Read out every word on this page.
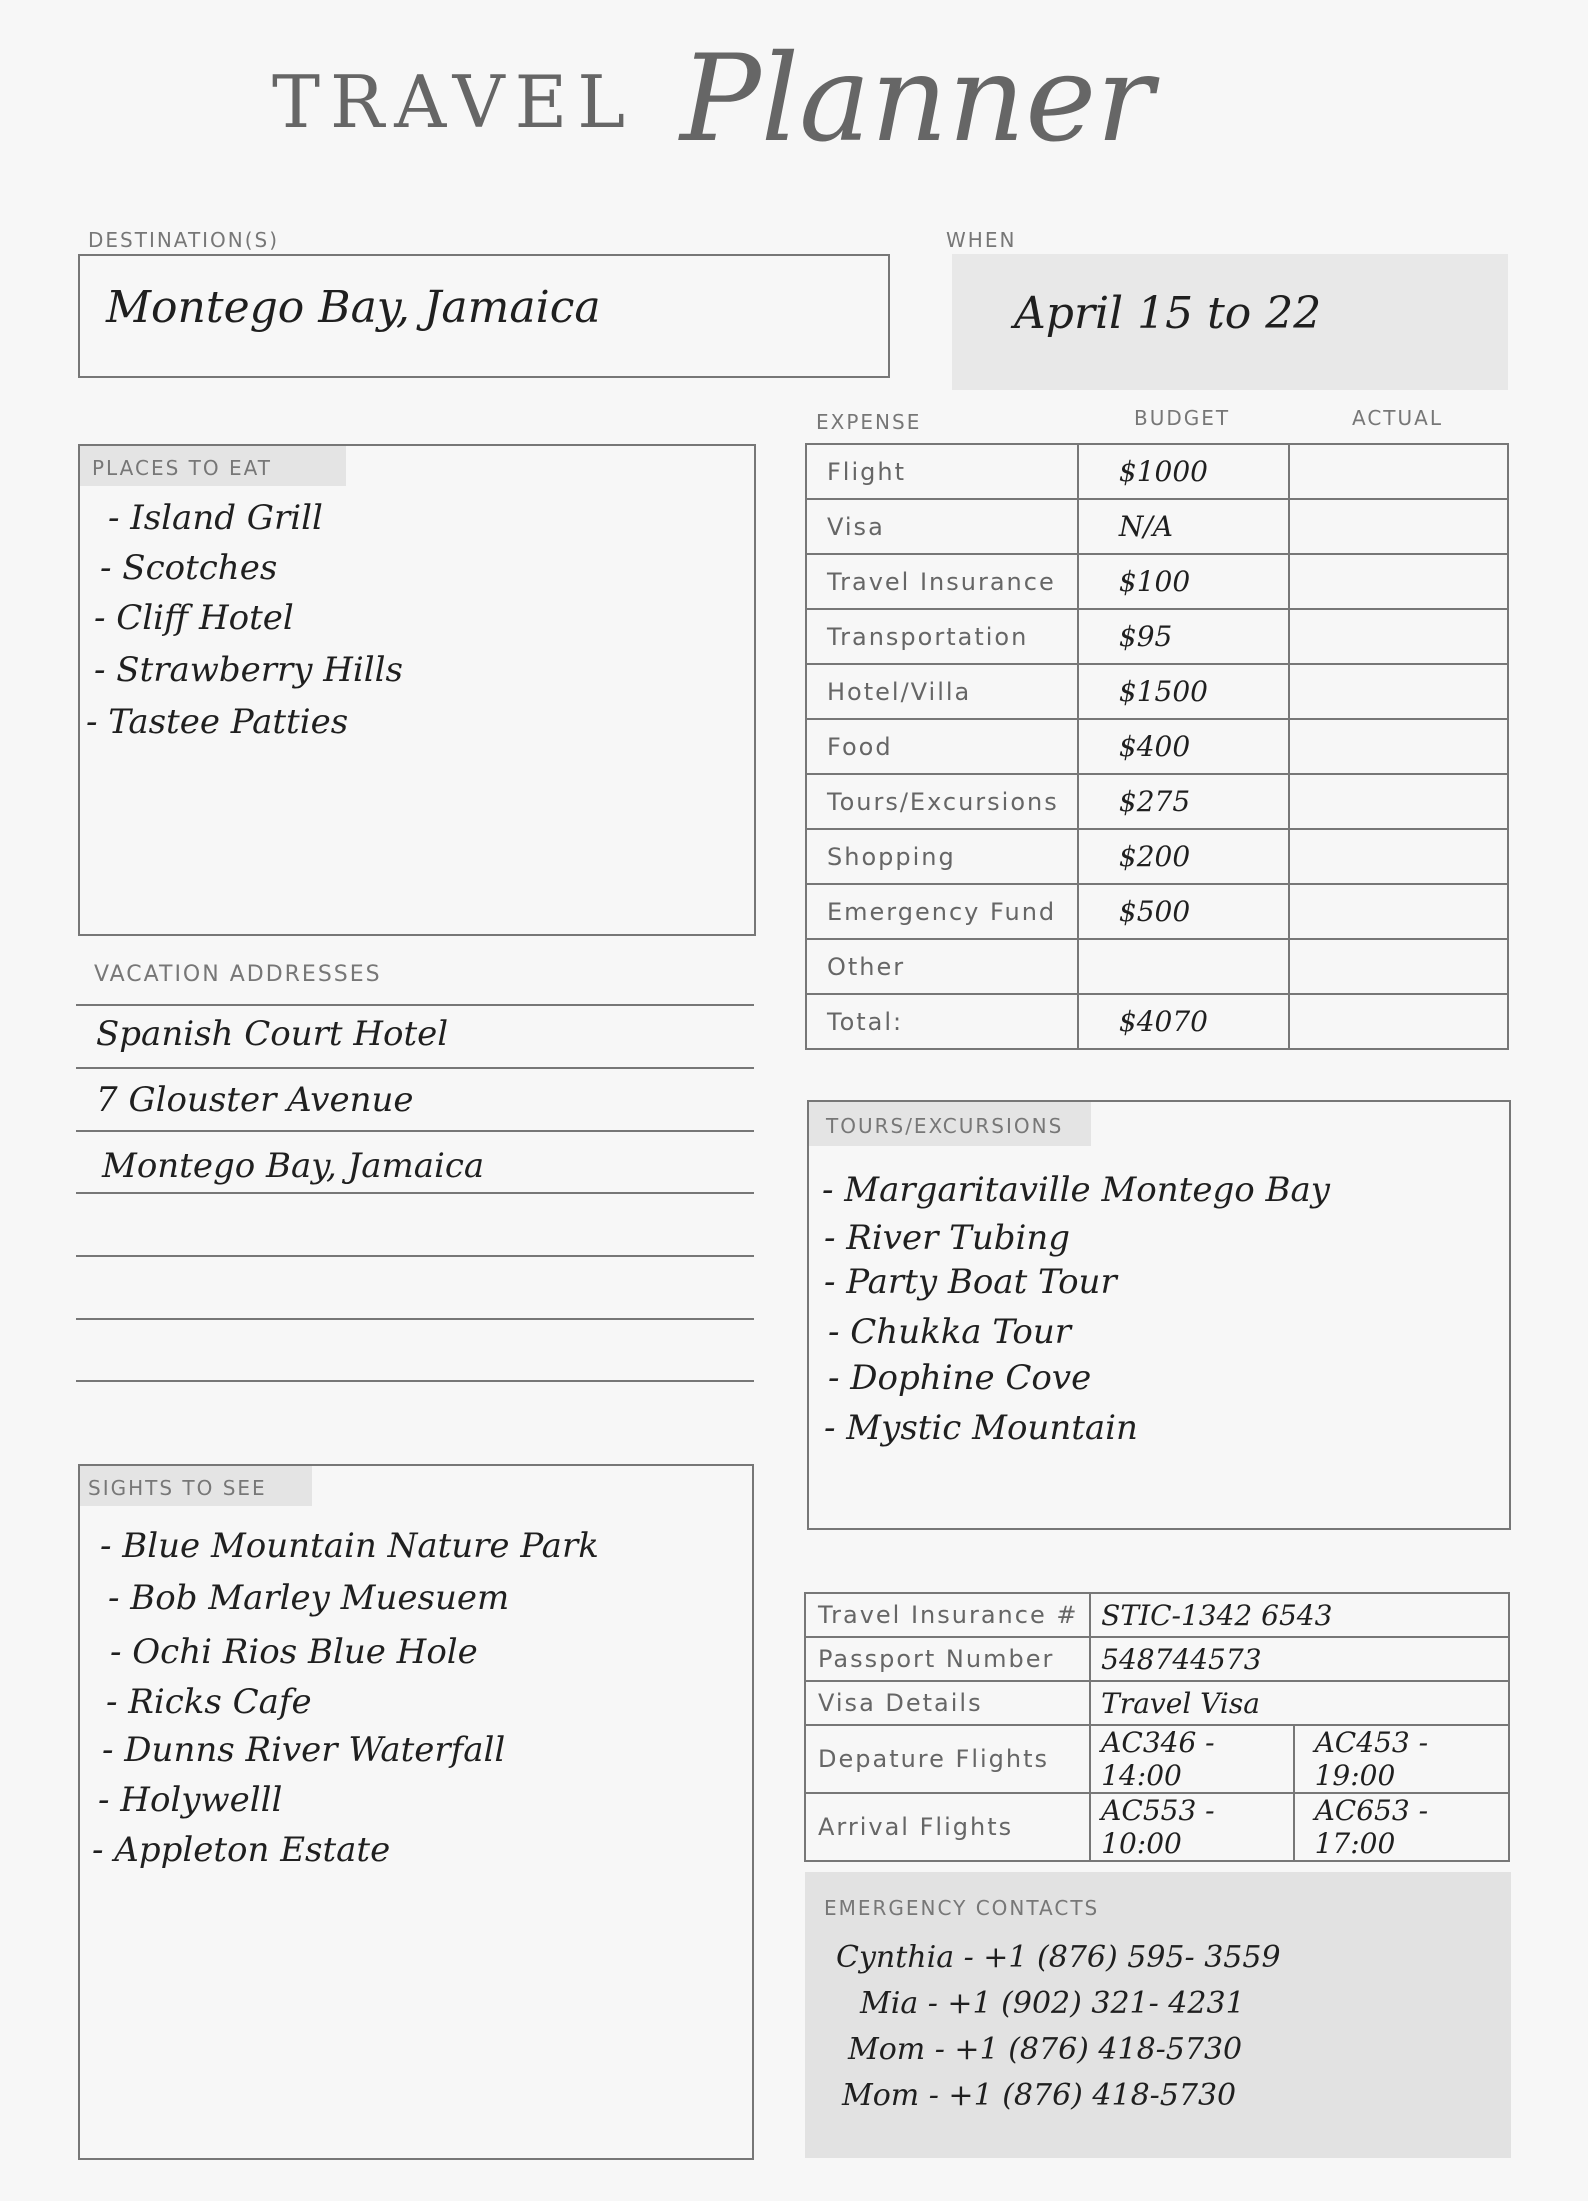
TRAVEL Planner
DESTINATION(S)
Montego Bay, Jamaica
WHEN
April 15 to 22
PLACES TO EAT
- Island Grill
- Scotches
- Cliff Hotel
- Strawberry Hills
- Tastee Patties
VACATION ADDRESSES
Spanish Court Hotel
7 Glouster Avenue
Montego Bay, Jamaica
SIGHTS TO SEE
- Blue Mountain Nature Park
- Bob Marley Muesuem
- Ochi Rios Blue Hole
- Ricks Cafe
- Dunns River Waterfall
- Holywelll
- Appleton Estate
EXPENSE	BUDGET	ACTUAL
Flight	$1000	
Visa	N/A	
Travel Insurance	$100	
Transportation	$95	
Hotel/Villa	$1500	
Food	$400	
Tours/Excursions	$275	
Shopping	$200	
Emergency Fund	$500	
Other		
Total:	$4070	
TOURS/EXCURSIONS
- Margaritaville Montego Bay
- River Tubing
- Party Boat Tour
- Chukka Tour
- Dophine Cove
- Mystic Mountain
Travel Insurance #	STIC-1342 6543	
Passport Number	548744573	
Visa Details	Travel Visa	
Depature Flights	AC346 - 14:00	AC453 - 19:00
Arrival Flights	AC553 - 10:00	AC653 - 17:00
EMERGENCY CONTACTS
Cynthia - +1 (876) 595- 3559
Mia - +1 (902) 321- 4231
Mom - +1 (876) 418-5730
Mom - +1 (876) 418-5730
